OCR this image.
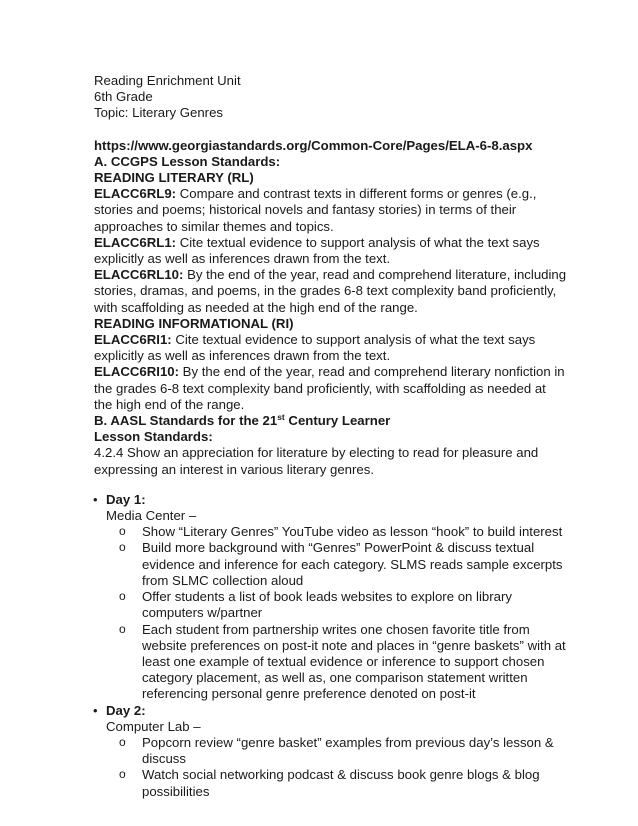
Reading Enrichment Unit
6th Grade
Topic: Literary Genres
https://www.georgiastandards.org/Common-Core/Pages/ELA-6-8.aspx
A. CCGPS Lesson Standards:
READING LITERARY (RL)
ELACC6RL9: Compare and contrast texts in different forms or genres (e.g.,
stories and poems; historical novels and fantasy stories) in terms of their
approaches to similar themes and topics.
ELACC6RL1: Cite textual evidence to support analysis of what the text says
explicitly as well as inferences drawn from the text.
ELACC6RL10: By the end of the year, read and comprehend literature, including
stories, dramas, and poems, in the grades 6-8 text complexity band proficiently,
with scaffolding as needed at the high end of the range.
READING INFORMATIONAL (RI)
ELACC6RI1: Cite textual evidence to support analysis of what the text says
explicitly as well as inferences drawn from the text.
ELACC6RI10: By the end of the year, read and comprehend literary nonfiction in
the grades 6-8 text complexity band proficiently, with scaffolding as needed at
the high end of the range.
B. AASL Standards for the 21st Century Learner
Lesson Standards:
4.2.4 Show an appreciation for literature by electing to read for pleasure and
expressing an interest in various literary genres.
• Day 1:
Media Center –
o Show “Literary Genres” YouTube video as lesson “hook” to build interest
o Build more background with “Genres” PowerPoint & discuss textual
evidence and inference for each category. SLMS reads sample excerpts
from SLMC collection aloud
o Offer students a list of book leads websites to explore on library
computers w/partner
o Each student from partnership writes one chosen favorite title from
website preferences on post-it note and places in “genre baskets” with at
least one example of textual evidence or inference to support chosen
category placement, as well as, one comparison statement written
referencing personal genre preference denoted on post-it
• Day 2:
Computer Lab –
o Popcorn review “genre basket” examples from previous day’s lesson &
discuss
o Watch social networking podcast & discuss book genre blogs & blog
possibilities
